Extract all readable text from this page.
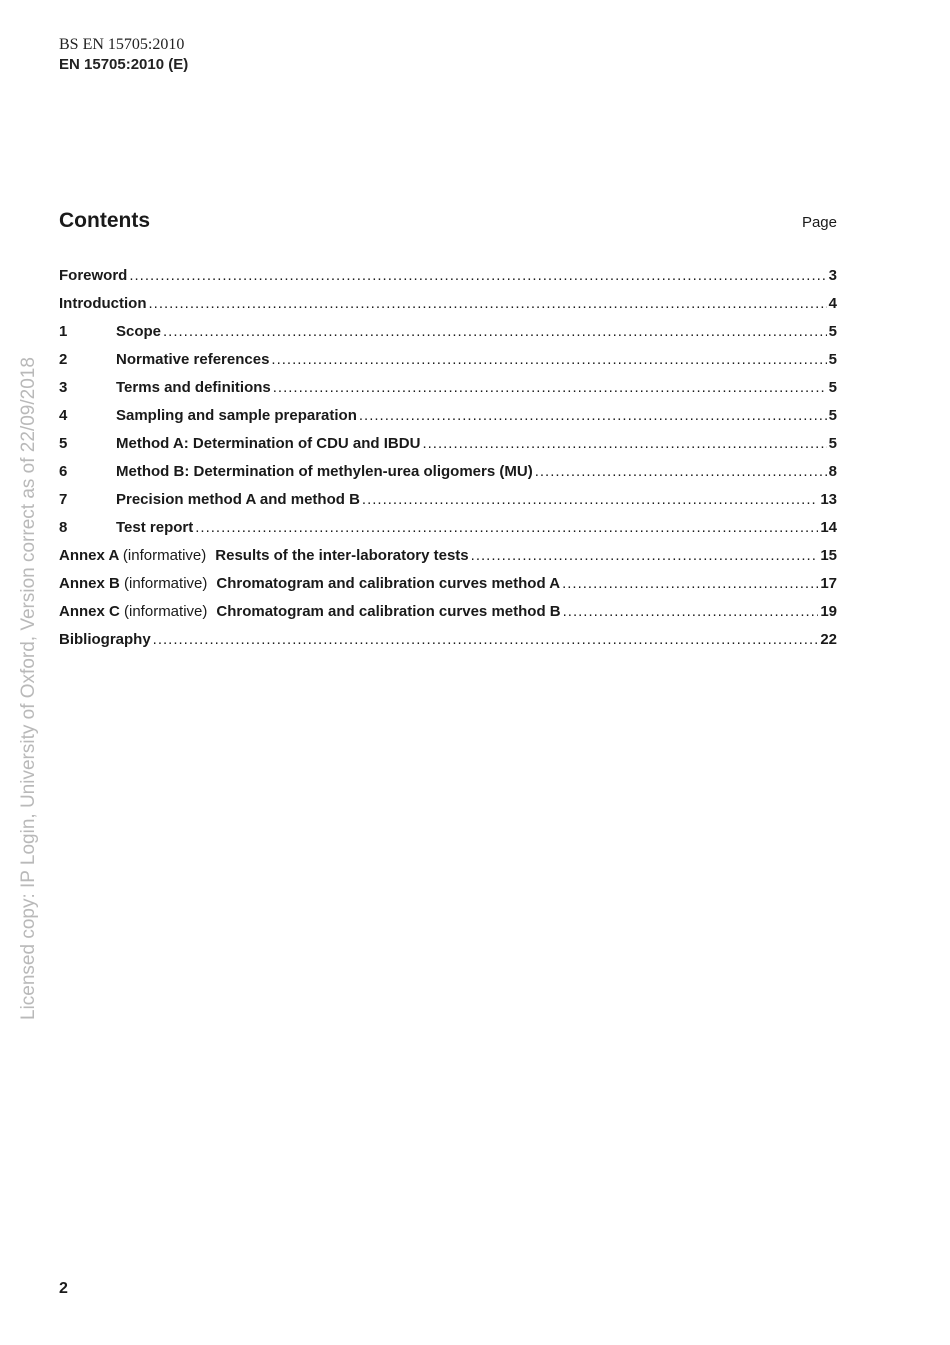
BS EN 15705:2010
EN 15705:2010 (E)
Contents	Page
Foreword .....	3
Introduction .....	4
1	Scope .....	5
2	Normative references .....	5
3	Terms and definitions .....	5
4	Sampling and sample preparation .....	5
5	Method A: Determination of CDU and IBDU .....	5
6	Method B: Determination of methylen-urea oligomers (MU) .....	8
7	Precision method A and method B .....	13
8	Test report .....	14
Annex A (informative) Results of the inter-laboratory tests .....	15
Annex B (informative) Chromatogram and calibration curves method A .....	17
Annex C (informative) Chromatogram and calibration curves method B .....	19
Bibliography .....	22
Licensed copy: IP Login, University of Oxford, Version correct as of 22/09/2018
2
